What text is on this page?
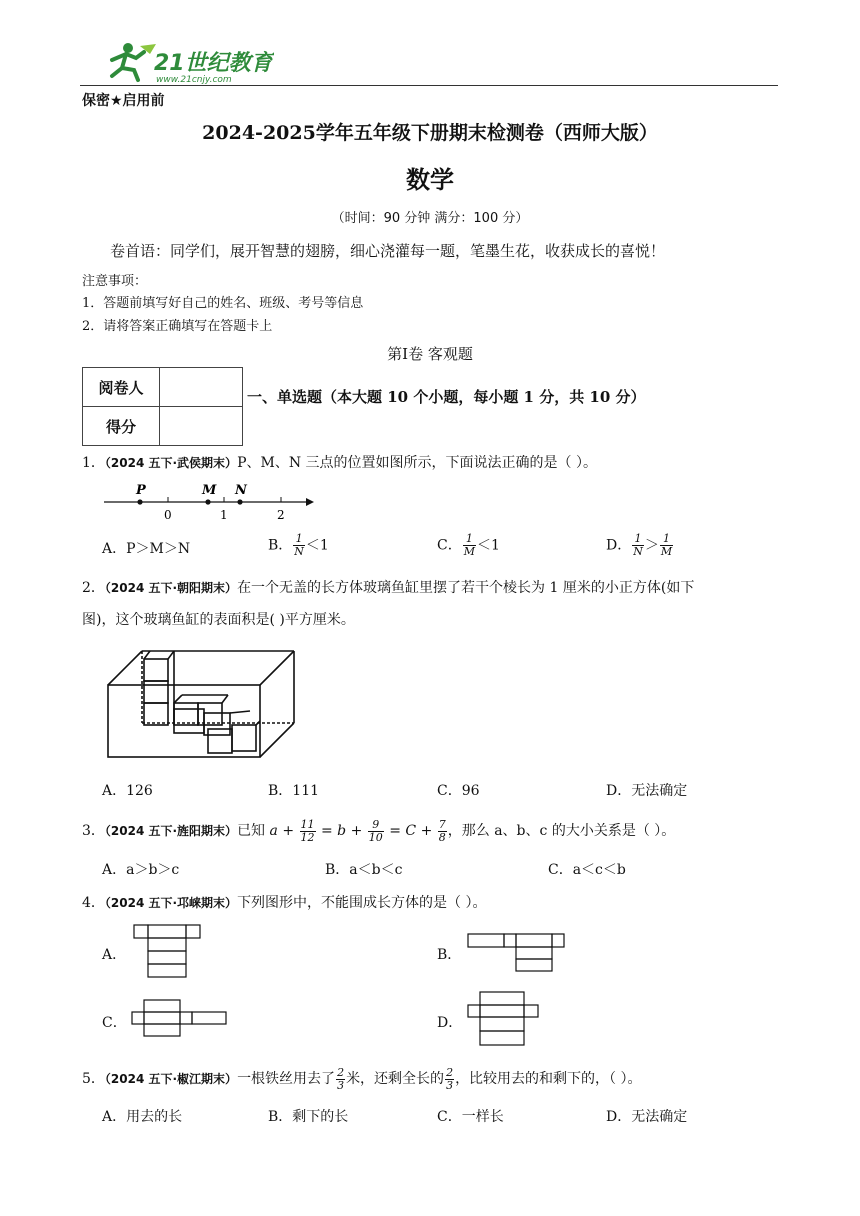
21世纪教育
www.21cnjy.com
保密★启用前
2024-2025学年五年级下册期末检测卷（西师大版）
数学
（时间：90 分钟 满分：100 分）
卷首语：同学们，展开智慧的翅膀，细心浇灌每一题，笔墨生花，收获成长的喜悦！
注意事项：
1．答题前填写好自己的姓名、班级、考号等信息
2．请将答案正确填写在答题卡上
第Ⅰ卷 客观题
阅卷人	
得分	
一、单选题（本大题 10 个小题，每小题 1 分，共 10 分）
1．（2024 五下·武侯期末）P、M、N 三点的位置如图所示，下面说法正确的是（ ）。
P	M N
0	1	2
A．P＞M＞N	B． $\frac{1}{N} <1$	C． $\frac{1}{M} <1$	D． $\frac{1}{N} > \frac{1}{M}$
2．（2024 五下·朝阳期末）在一个无盖的长方体玻璃鱼缸里摆了若干个棱长为 1 厘米的小正方体(如下
图)，这个玻璃鱼缸的表面积是( )平方厘米。
A．126	B．111	C．96	D．无法确定
3．（2024 五下·旌阳期末）已知 $a + \frac{11}{12} = b + \frac{9}{10} = C + \frac{7}{8}$ ，那么 a、b、c 的大小关系是（ ）。
A．a＞b＞c	B．a＜b＜c	C．a＜c＜b
4．（2024 五下·邛崃期末）下列图形中，不能围成长方体的是（ ）。
A．	B．
C．	D．
5．（2024 五下·椒江期末）一根铁丝用去了 $\frac{2}{3}$ 米，还剩全长的 $\frac{2}{3}$ ，比较用去的和剩下的，（ ）。
A．用去的长	B．剩下的长	C．一样长	D．无法确定
